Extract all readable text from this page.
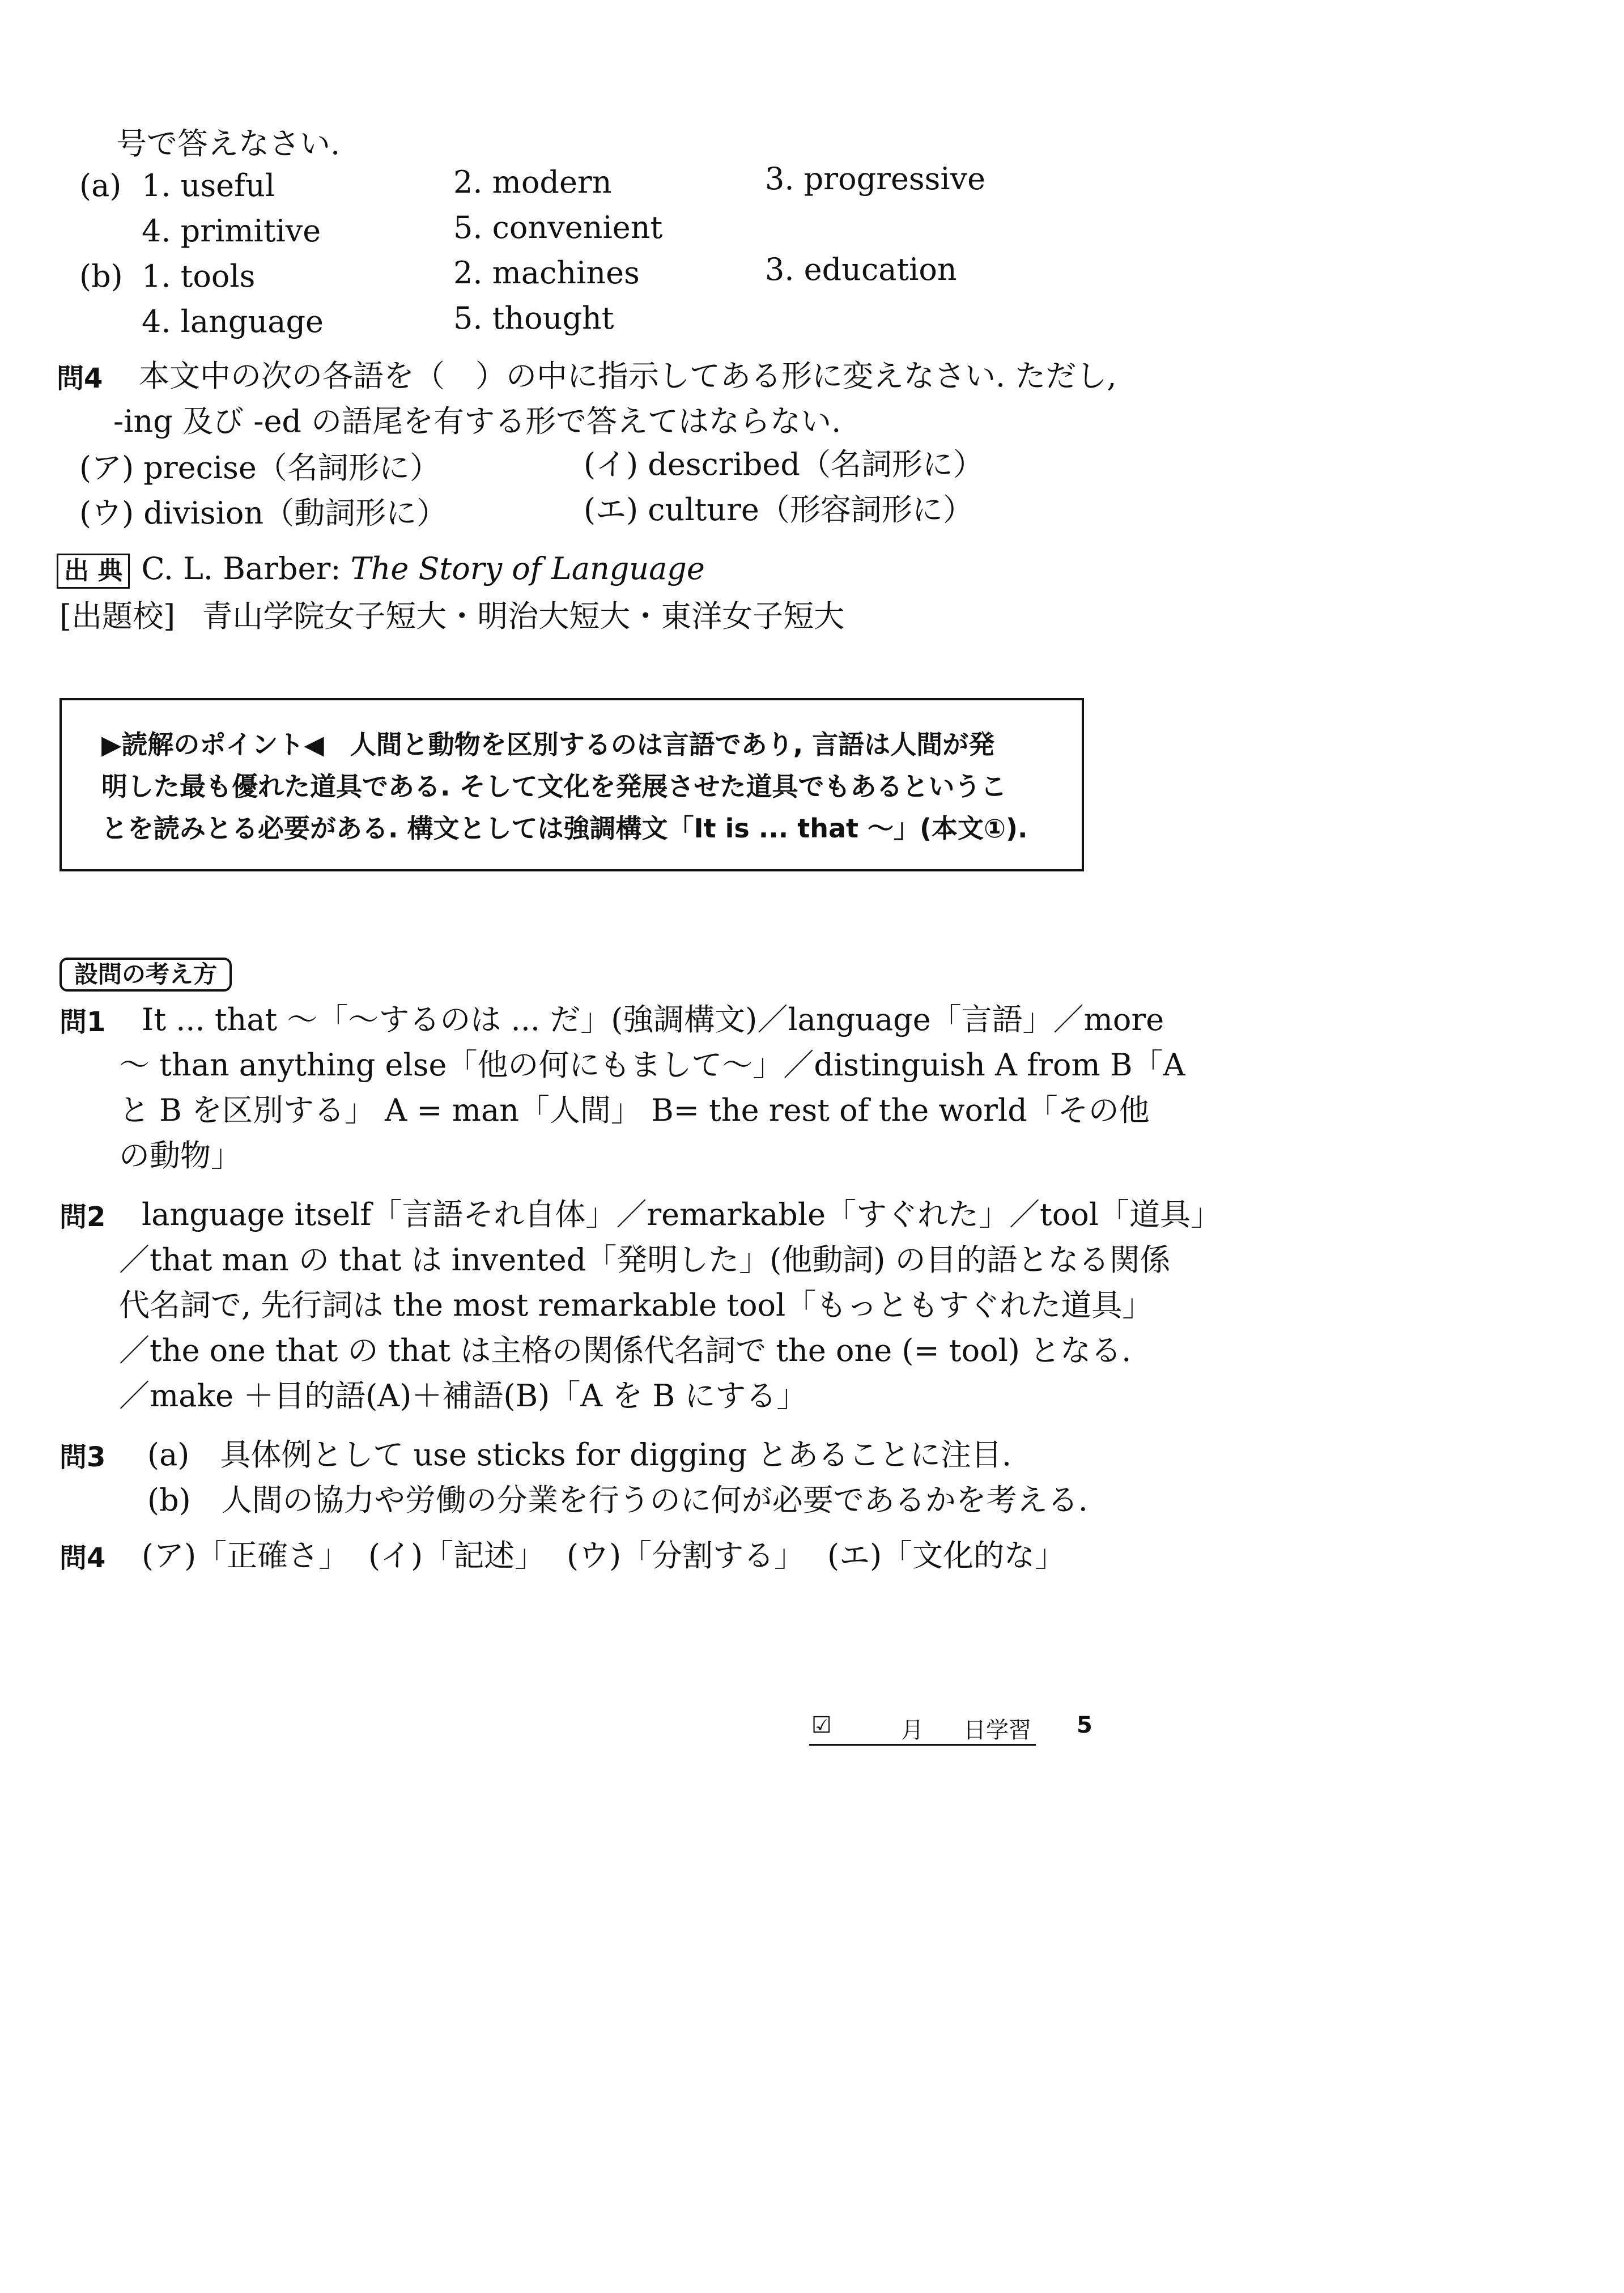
号で答えなさい.
(a) 1. useful	2. modern	3. progressive
4. primitive	5. convenient
(b) 1. tools	2. machines	3. education
4. language	5. thought
問4 本文中の次の各語を（　）の中に指示してある形に変えなさい. ただし,
-ing 及び -ed の語尾を有する形で答えてはならない.
(ア) precise（名詞形に）	(イ) described（名詞形に）
(ウ) division（動詞形に）	(エ) culture（形容詞形に）
出 典 C. L. Barber: The Story of Language
[出題校] 青山学院女子短大・明治大短大・東洋女子短大
▶読解のポイント◀　人間と動物を区別するのは言語であり, 言語は人間が発
明した最も優れた道具である. そして文化を発展させた道具でもあるというこ
とを読みとる必要がある. 構文としては強調構文「It is ... that ～」(本文①).
設問の考え方
問1 It ... that ～「～するのは ... だ」(強調構文)／language「言語」／more
～ than anything else「他の何にもまして～」／distinguish A from B「A
と B を区別する」 A = man「人間」 B= the rest of the world「その他
の動物」
問2 language itself「言語それ自体」／remarkable「すぐれた」／tool「道具」
／that man の that は invented「発明した」(他動詞) の目的語となる関係
代名詞で, 先行詞は the most remarkable tool「もっともすぐれた道具」
／the one that の that は主格の関係代名詞で the one (= tool) となる.
／make ＋目的語(A)＋補語(B)「A を B にする」
問3 (a)　具体例として use sticks for digging とあることに注目.
(b)　人間の協力や労働の分業を行うのに何が必要であるかを考える.
問4 (ア)「正確さ」 (イ)「記述」 (ウ)「分割する」 (エ)「文化的な」
☑	月 日学習 5
